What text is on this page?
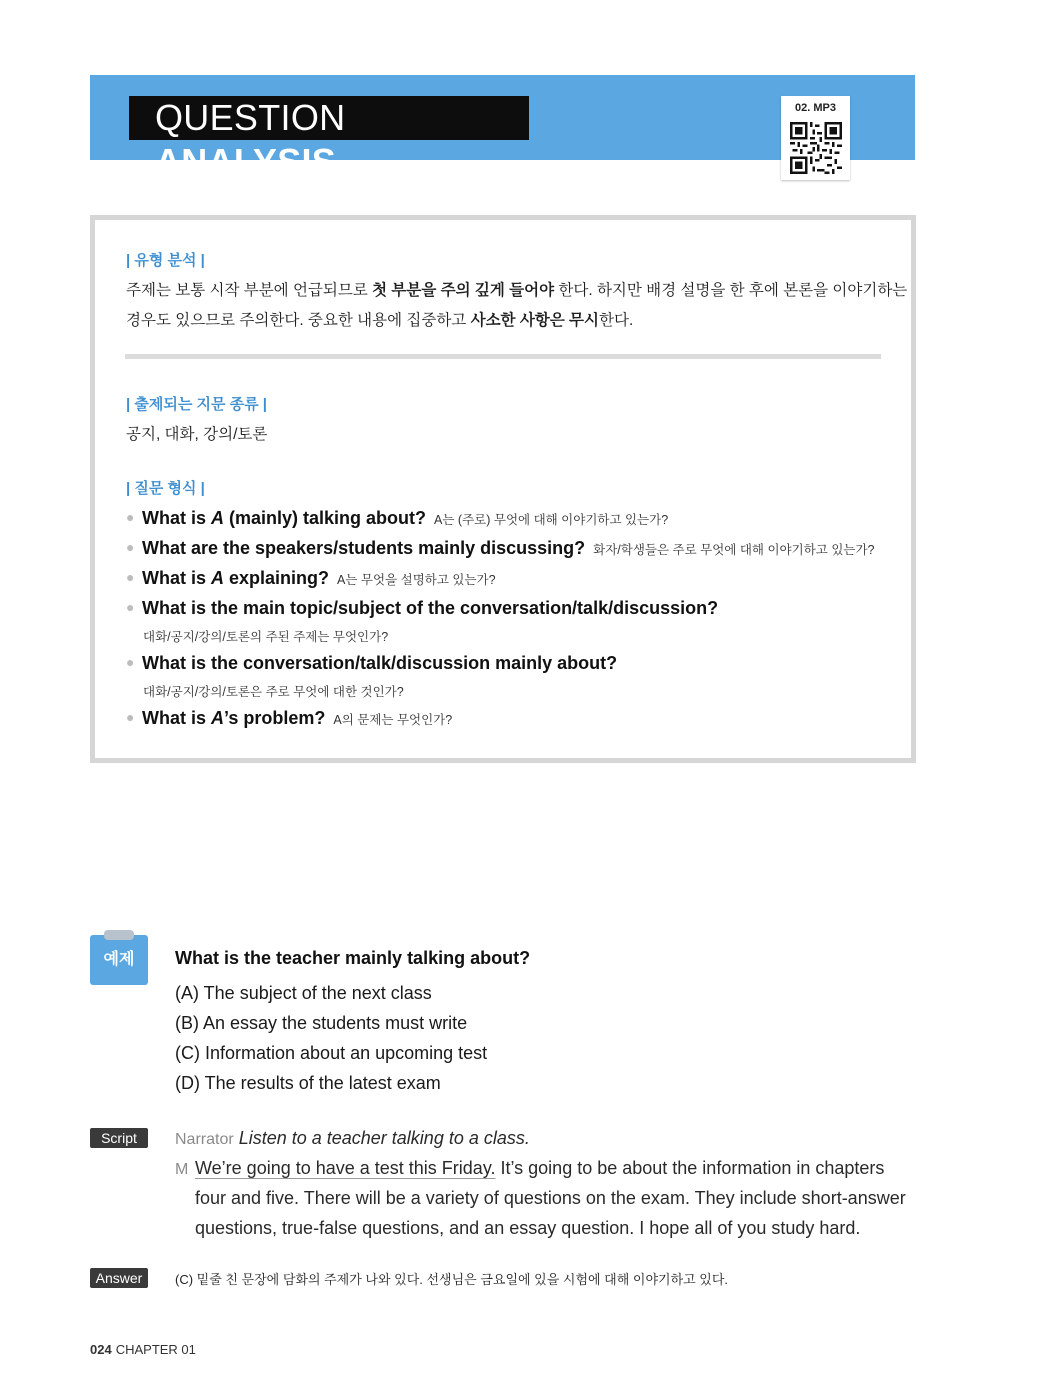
QUESTION ANALYSIS
02. MP3
| 유형 분석 |
주제는 보통 시작 부분에 언급되므로 첫 부분을 주의 깊게 들어야 한다. 하지만 배경 설명을 한 후에 본론을 이야기하는
경우도 있으므로 주의한다. 중요한 내용에 집중하고 사소한 사항은 무시한다.
| 출제되는 지문 종류 |
공지, 대화, 강의/토론
| 질문 형식 |
● What is A (mainly) talking about? A는 (주로) 무엇에 대해 이야기하고 있는가?
● What are the speakers/students mainly discussing? 화자/학생들은 주로 무엇에 대해 이야기하고 있는가?
● What is A explaining? A는 무엇을 설명하고 있는가?
● What is the main topic/subject of the conversation/talk/discussion?
대화/공지/강의/토론의 주된 주제는 무엇인가?
● What is the conversation/talk/discussion mainly about?
대화/공지/강의/토론은 주로 무엇에 대한 것인가?
● What is A’s problem? A의 문제는 무엇인가?
예제	What is the teacher mainly talking about?
(A) The subject of the next class
(B) An essay the students must write
(C) Information about an upcoming test
(D) The results of the latest exam
Script	Narrator Listen to a teacher talking to a class.
M We’re going to have a test this Friday. It’s going to be about the information in chapters
four and five. There will be a variety of questions on the exam. They include short-answer
questions, true-false questions, and an essay question. I hope all of you study hard.
Answer	(C) 밑줄 친 문장에 담화의 주제가 나와 있다. 선생님은 금요일에 있을 시험에 대해 이야기하고 있다.
024 CHAPTER 01
